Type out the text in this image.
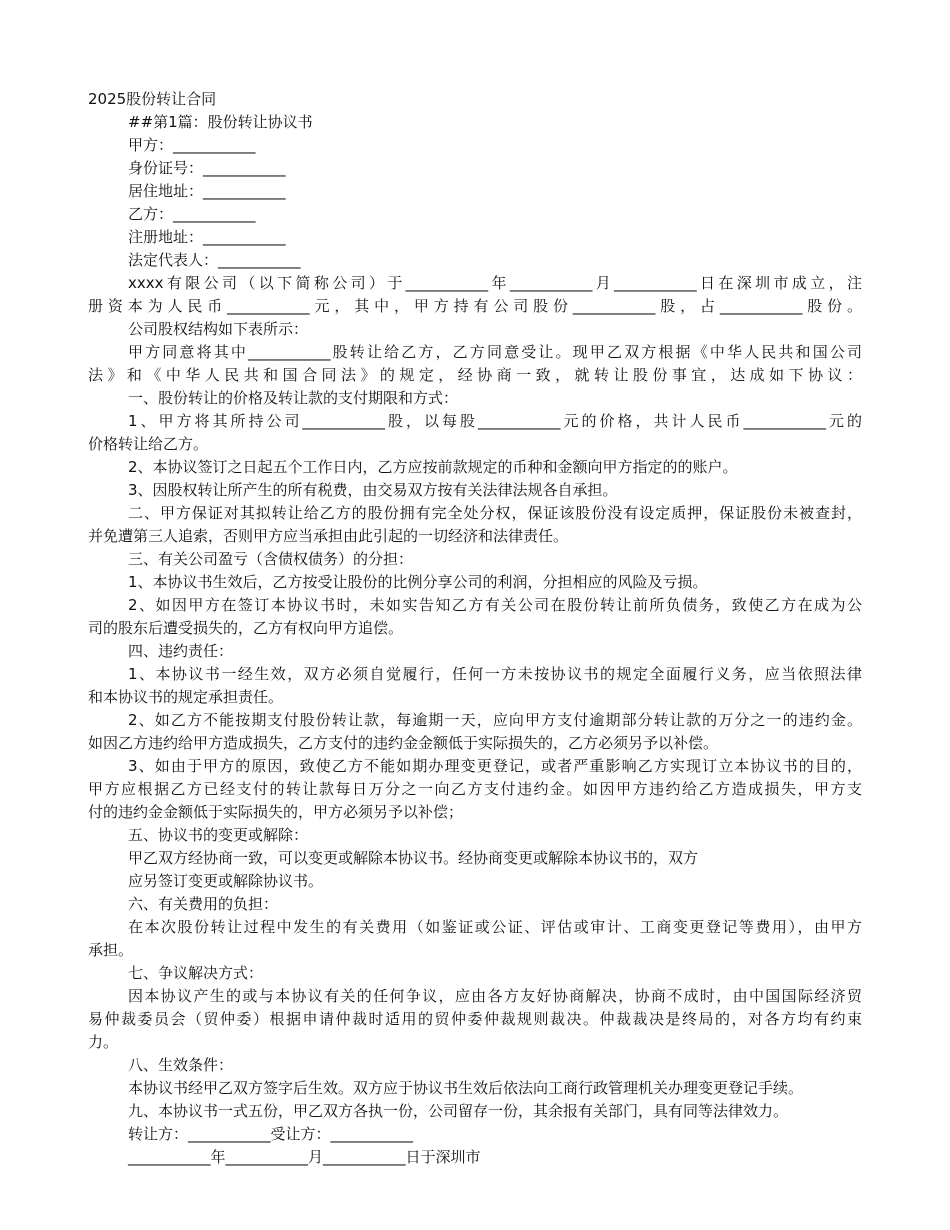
2025股份转让合同
##第1篇：股份转让协议书
甲方：___________
身份证号：___________
居住地址：___________
乙方：___________
注册地址：___________
法定代表人：___________
xxxx有限公司（以下简称公司）于___________年___________月___________日在深圳市成立，注
册资本为人民币___________元，其中，甲方持有公司股份___________股，占___________股份。
公司股权结构如下表所示：
甲方同意将其中___________股转让给乙方，乙方同意受让。现甲乙双方根据《中华人民共和国公司
法》和《中华人民共和国合同法》的规定，经协商一致，就转让股份事宜，达成如下协议：
一、股份转让的价格及转让款的支付期限和方式：
1、甲方将其所持公司___________股，以每股___________元的价格，共计人民币___________元的
价格转让给乙方。
2、本协议签订之日起五个工作日内，乙方应按前款规定的币种和金额向甲方指定的的账户。
3、因股权转让所产生的所有税费，由交易双方按有关法律法规各自承担。
二、甲方保证对其拟转让给乙方的股份拥有完全处分权，保证该股份没有设定质押，保证股份未被查封，
并免遭第三人追索，否则甲方应当承担由此引起的一切经济和法律责任。
三、有关公司盈亏（含债权债务）的分担：
1、本协议书生效后，乙方按受让股份的比例分享公司的利润，分担相应的风险及亏损。
2、如因甲方在签订本协议书时，未如实告知乙方有关公司在股份转让前所负债务，致使乙方在成为公
司的股东后遭受损失的，乙方有权向甲方追偿。
四、违约责任：
1、本协议书一经生效，双方必须自觉履行，任何一方未按协议书的规定全面履行义务，应当依照法律
和本协议书的规定承担责任。
2、如乙方不能按期支付股份转让款，每逾期一天，应向甲方支付逾期部分转让款的万分之一的违约金。
如因乙方违约给甲方造成损失，乙方支付的违约金金额低于实际损失的，乙方必须另予以补偿。
3、如由于甲方的原因，致使乙方不能如期办理变更登记，或者严重影响乙方实现订立本协议书的目的，
甲方应根据乙方已经支付的转让款每日万分之一向乙方支付违约金。如因甲方违约给乙方造成损失，甲方支
付的违约金金额低于实际损失的，甲方必须另予以补偿；
五、协议书的变更或解除：
甲乙双方经协商一致，可以变更或解除本协议书。经协商变更或解除本协议书的，双方
应另签订变更或解除协议书。
六、有关费用的负担：
在本次股份转让过程中发生的有关费用（如鉴证或公证、评估或审计、工商变更登记等费用），由甲方
承担。
七、争议解决方式：
因本协议产生的或与本协议有关的任何争议，应由各方友好协商解决，协商不成时，由中国国际经济贸
易仲裁委员会（贸仲委）根据申请仲裁时适用的贸仲委仲裁规则裁决。仲裁裁决是终局的，对各方均有约束
力。
八、生效条件：
本协议书经甲乙双方签字后生效。双方应于协议书生效后依法向工商行政管理机关办理变更登记手续。
九、本协议书一式五份，甲乙双方各执一份，公司留存一份，其余报有关部门，具有同等法律效力。
转让方：___________受让方：___________
___________年___________月___________日于深圳市
